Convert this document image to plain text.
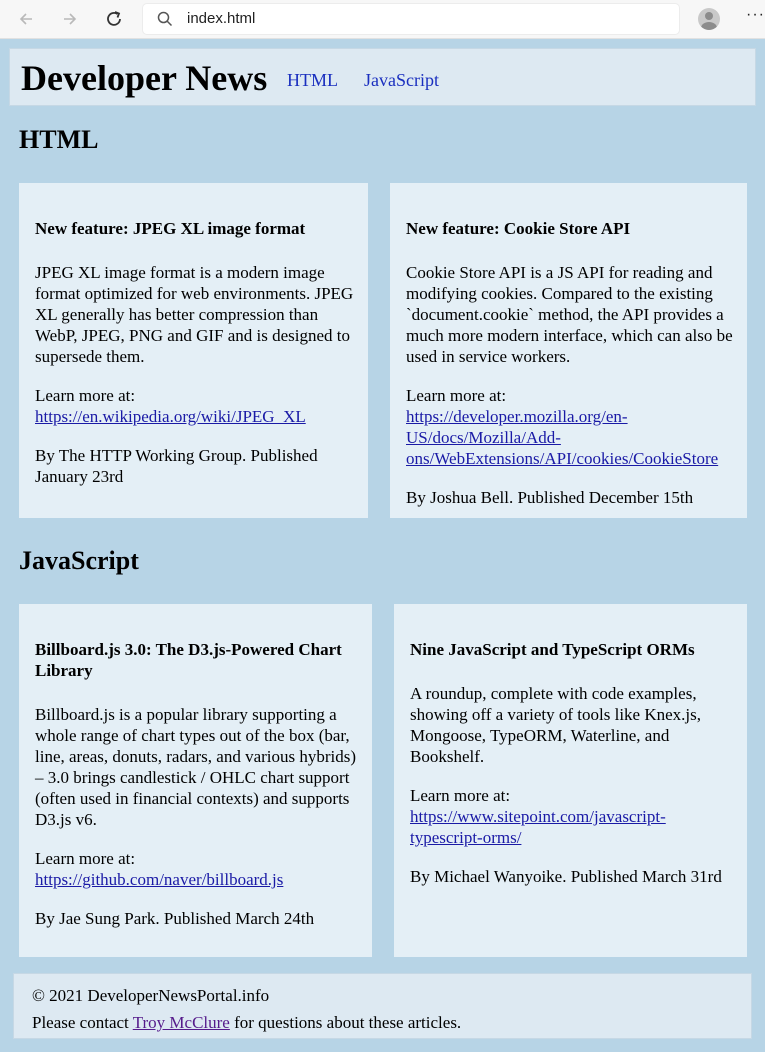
index.html	···
Developer News HTML JavaScript
HTML
New feature: JPEG XL image format

JPEG XL image format is a modern image format optimized for web environments. JPEG XL generally has better compression than WebP, JPEG, PNG and GIF and is designed to supersede them.

Learn more at:
https://en.wikipedia.org/wiki/JPEG_XL

By The HTTP Working Group. Published January 23rd

New feature: Cookie Store API

Cookie Store API is a JS API for reading and modifying cookies. Compared to the existing `document.cookie` method, the API provides a much more modern interface, which can also be used in service workers.

Learn more at:
https://developer.mozilla.org/en-US/docs/Mozilla/Add-ons/WebExtensions/API/cookies/CookieStore

By Joshua Bell. Published December 15th

JavaScript
Billboard.js 3.0: The D3.js-Powered Chart Library

Billboard.js is a popular library supporting a whole range of chart types out of the box (bar, line, areas, donuts, radars, and various hybrids) – 3.0 brings candlestick / OHLC chart support (often used in financial contexts) and supports D3.js v6.

Learn more at:
https://github.com/naver/billboard.js

By Jae Sung Park. Published March 24th

Nine JavaScript and TypeScript ORMs

A roundup, complete with code examples, showing off a variety of tools like Knex.js, Mongoose, TypeORM, Waterline, and Bookshelf.

Learn more at:
https://www.sitepoint.com/javascript-typescript-orms/

By Michael Wanyoike. Published March 31rd

© 2021 DeveloperNewsPortal.info
Please contact Troy McClure for questions about these articles.
